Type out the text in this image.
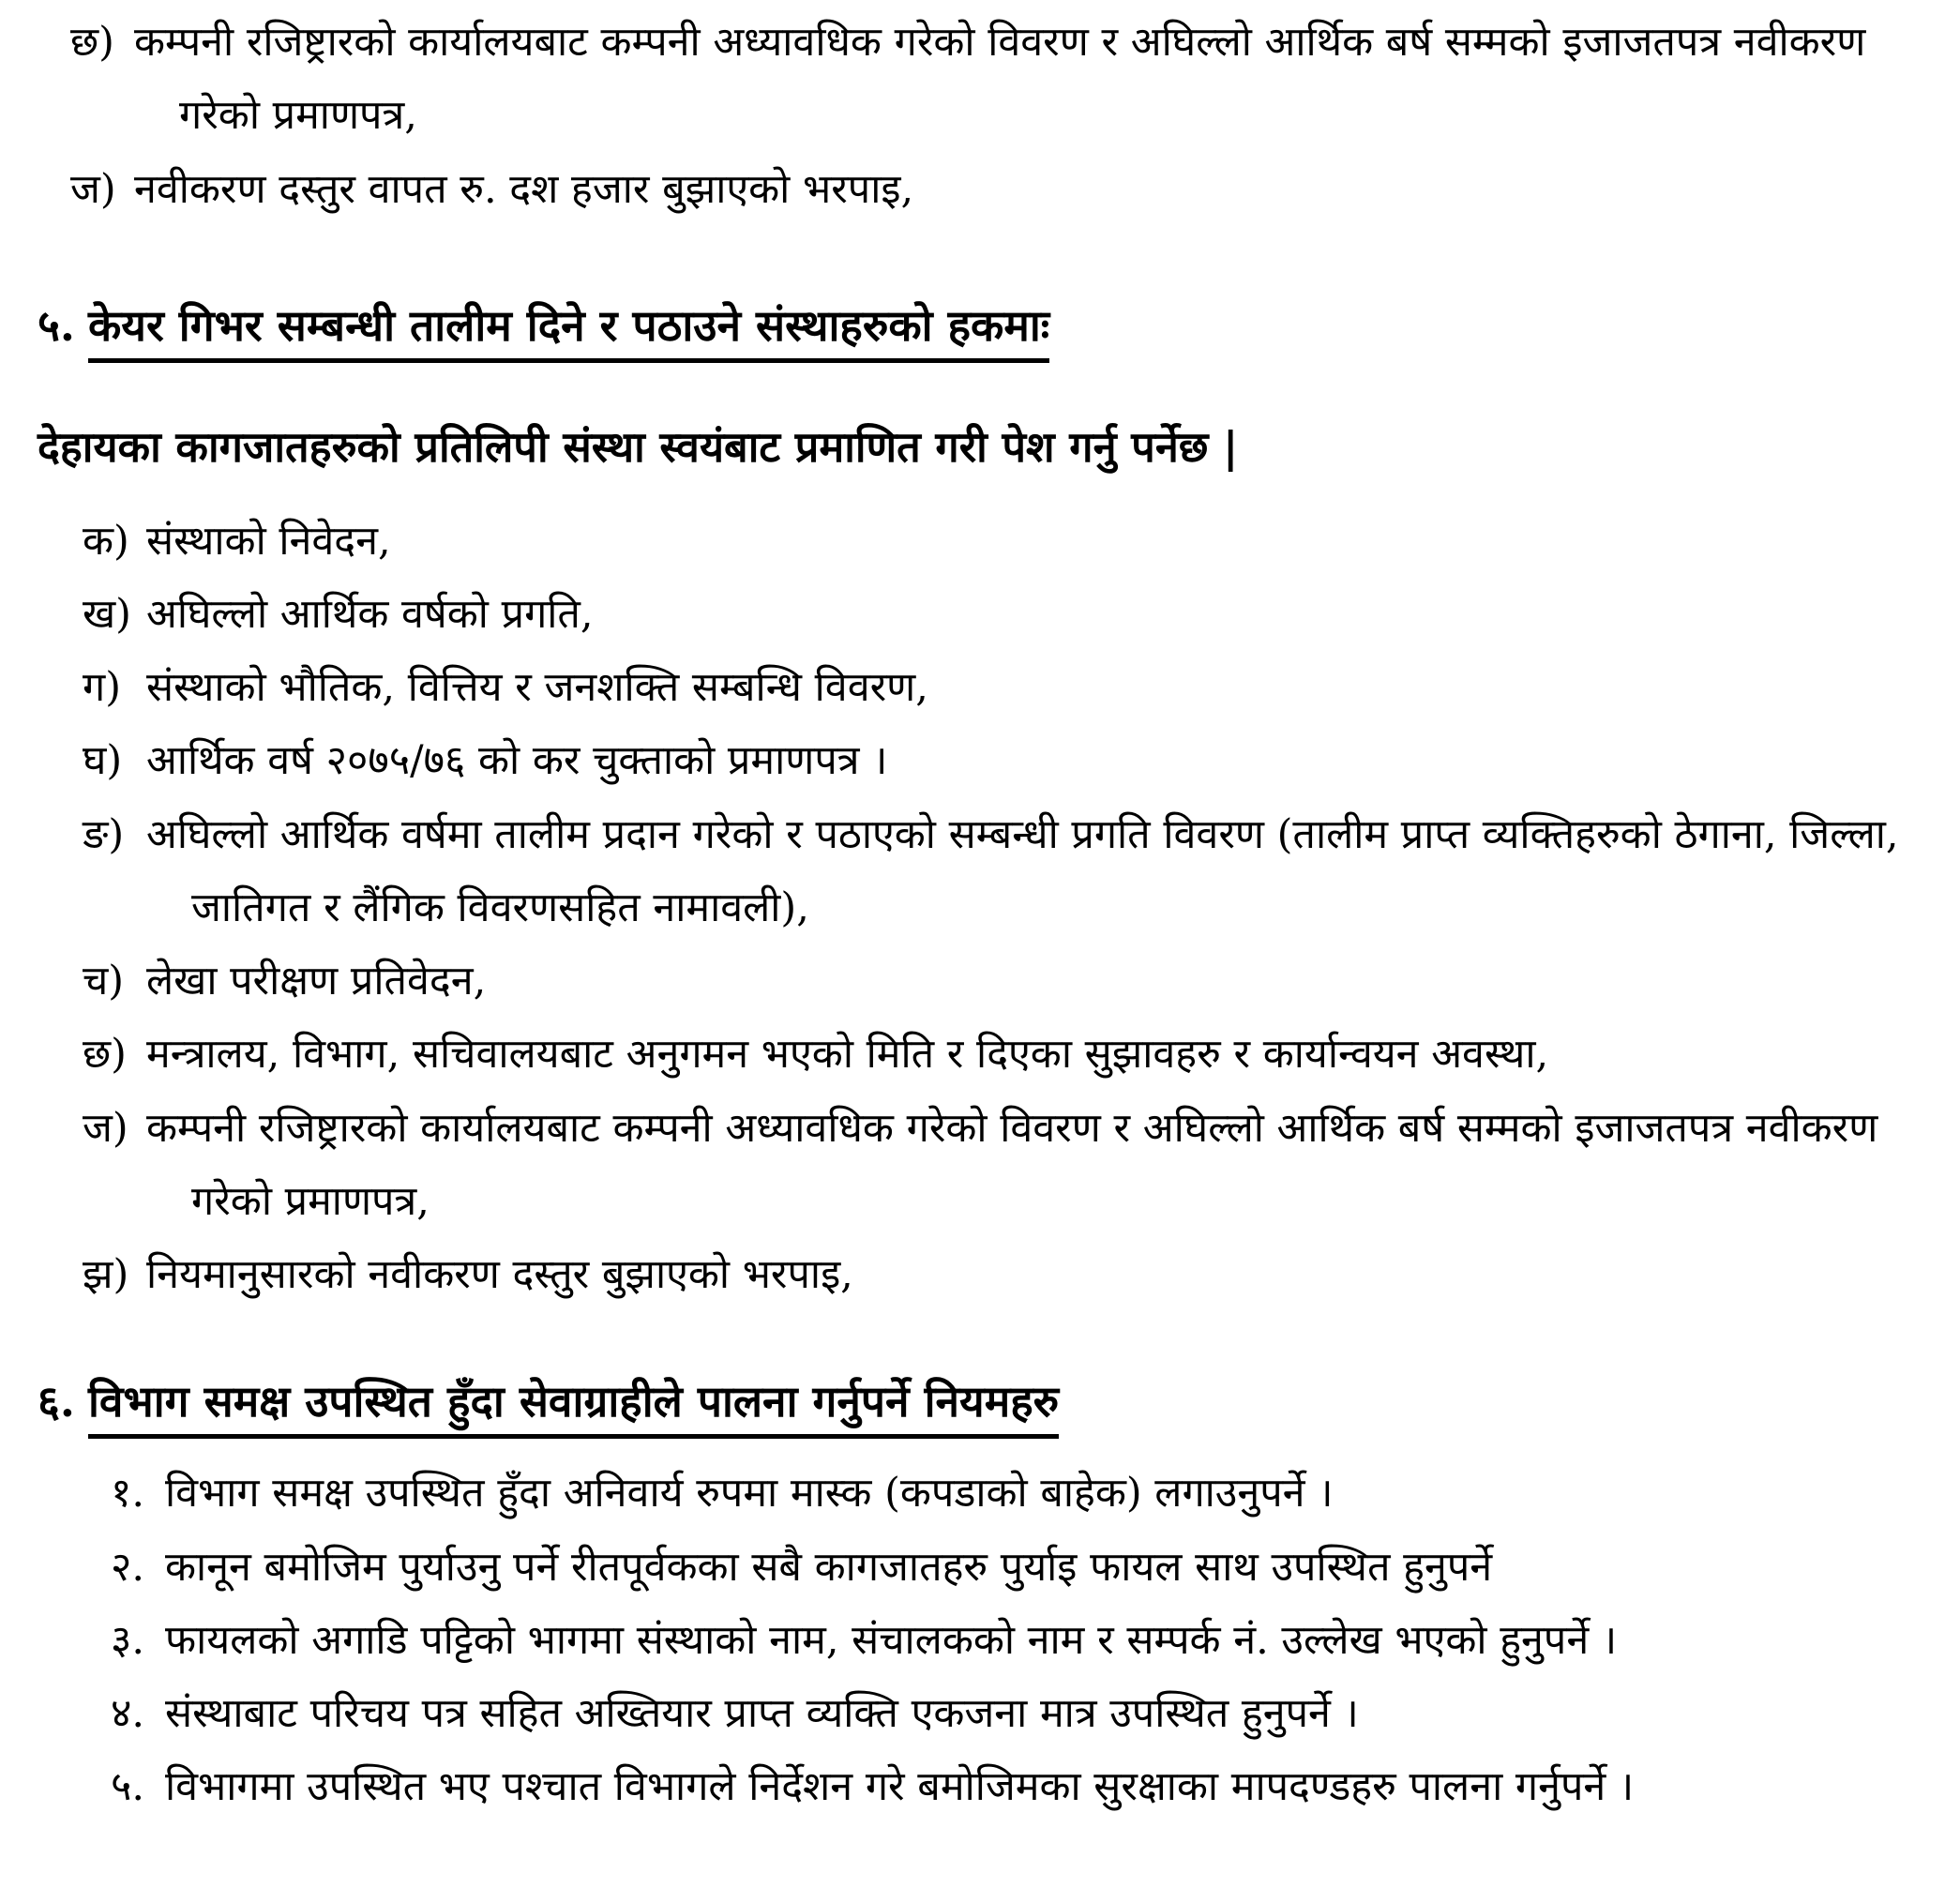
छ) कम्पनी रजिष्ट्रारको कार्यालयबाट कम्पनी अध्यावधिक गरेको विवरण र अघिल्लो आर्थिक बर्ष सम्मको इजाजतपत्र नवीकरण गरेको प्रमाणपत्र,
ज) नवीकरण दस्तुर वापत रु. दश हजार बुझाएको भरपाइ,
५. केयर गिभर सम्बन्धी तालीम दिने र पठाउने संस्थाहरुको हकमाः
देहायका कागजातहरुको प्रतिलिपी संस्था स्वयंबाट प्रमाणित गरी पेश गर्नु पर्नेछ |
क) संस्थाको निवेदन,
ख) अघिल्लो आर्थिक वर्षको प्रगति,
ग) संस्थाको भौतिक, वित्तिय र जनशक्ति सम्बन्धि विवरण,
घ) आर्थिक वर्ष २०७५/७६ को कर चुक्ताको प्रमाणपत्र ।
ङ) अघिल्लो आर्थिक वर्षमा तालीम प्रदान गरेको र पठाएको सम्बन्धी प्रगति विवरण (तालीम प्राप्त व्यक्तिहरुको ठेगाना, जिल्ला, जातिगत र लैंगिक विवरणसहित नामावली),
च) लेखा परीक्षण प्रतिवेदन,
छ) मन्त्रालय, विभाग, सचिवालयबाट अनुगमन भएको मिति र दिएका सुझावहरु र कार्यान्वयन अवस्था,
ज) कम्पनी रजिष्ट्रारको कार्यालयबाट कम्पनी अध्यावधिक गरेको विवरण र अघिल्लो आर्थिक बर्ष सम्मको इजाजतपत्र नवीकरण गरेको प्रमाणपत्र,
झ) नियमानुसारको नवीकरण दस्तुर बुझाएको भरपाइ,
६. विभाग समक्ष उपस्थित हुँदा सेवाग्राहीले पालना गर्नुपर्ने नियमहरु
१. विभाग समक्ष उपस्थित हुँदा अनिवार्य रुपमा मास्क (कपडाको बाहेक) लगाउनुपर्ने ।
२. कानून बमोजिम पुर्याउनु पर्ने रीतपूर्वकका सबै कागजातहरु पुर्याइ फायल साथ उपस्थित हुनुपर्ने
३. फायलको अगाडि पट्टिको भागमा संस्थाको नाम, संचालकको नाम र सम्पर्क नं. उल्लेख भएको हुनुपर्ने ।
४. संस्थाबाट परिचय पत्र सहित अख्तियार प्राप्त व्यक्ति एकजना मात्र उपस्थित हुनुपर्ने ।
५. विभागमा उपस्थित भए पश्चात विभागले निर्देशन गरे बमोजिमका सुरक्षाका मापदण्डहरु पालना गर्नुपर्ने ।
